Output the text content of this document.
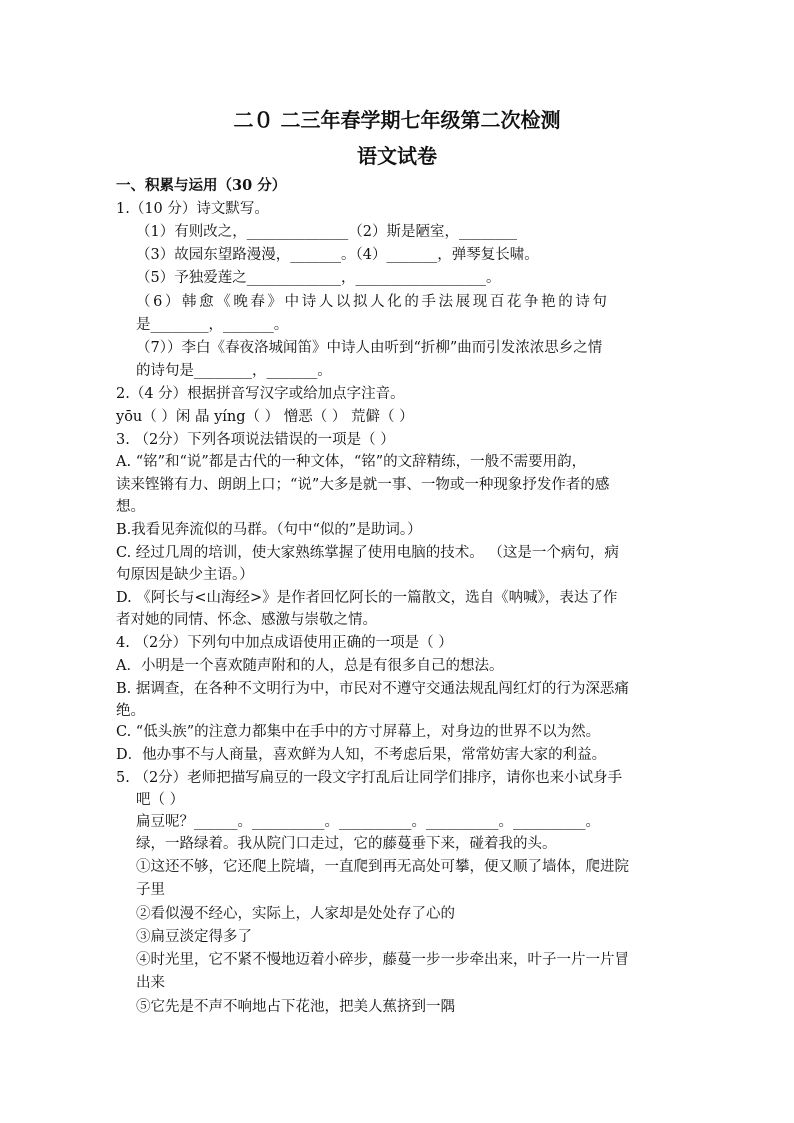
二０ 二三年春学期七年级第二次检测
语文试卷
一、积累与运用（30 分）
1.（10 分）诗文默写。
（1）有则改之，______________（2）斯是陋室，________
（3）故园东望路漫漫，_______。（4）_______，弹琴复长啸。
（5）予独爱莲之_____________，__________________。
（6）韩愈《晚春》中诗人以拟人化的手法展现百花争艳的诗句
是________，_______。
（7））李白《春夜洛城闻笛》中诗人由听到“折柳”曲而引发浓浓思乡之情
的诗句是________，_______。
2.（4 分）根据拼音写汉字或给加点字注音。
yōu（ ）闲 晶 yíng（ ） 憎恶（ ） 荒僻（ ）
3. （2分）下列各项说法错误的一项是（ ）
A. “铭”和“说”都是古代的一种文体，“铭”的文辞精练，一般不需要用韵，
读来铿锵有力、朗朗上口；“说”大多是就一事、一物或一种现象抒发作者的感
想。
B.我看见奔流似的马群。（句中“似的”是助词。）
C. 经过几周的培训，使大家熟练掌握了使用电脑的技术。 （这是一个病句，病
句原因是缺少主语。）
D. 《阿长与<山海经>》是作者回忆阿长的一篇散文，选自《呐喊》，表达了作
者对她的同情、怀念、感激与崇敬之情。
4. （2分）下列句中加点成语使用正确的一项是（ ）
A．小明是一个喜欢随声附和的人，总是有很多自己的想法。
B. 据调查，在各种不文明行为中，市民对不遵守交通法规乱闯红灯的行为深恶痛
绝。
C. “低头族”的注意力都集中在手中的方寸屏幕上，对身边的世界不以为然。
D．他办事不与人商量，喜欢鲜为人知，不考虑后果，常常妨害大家的利益。
5. （2分）老师把描写扁豆的一段文字打乱后让同学们排序，请你也来小试身手
吧（ ）
扁豆呢？______。__________。__________。__________。__________。
绿，一路绿着。我从院门口走过，它的藤蔓垂下来，碰着我的头。
①这还不够，它还爬上院墙，一直爬到再无高处可攀，便又顺了墙体，爬进院
子里
②看似漫不经心，实际上，人家却是处处存了心的
③扁豆淡定得多了
④时光里，它不紧不慢地迈着小碎步，藤蔓一步一步牵出来，叶子一片一片冒
出来
⑤它先是不声不响地占下花池，把美人蕉挤到一隅
